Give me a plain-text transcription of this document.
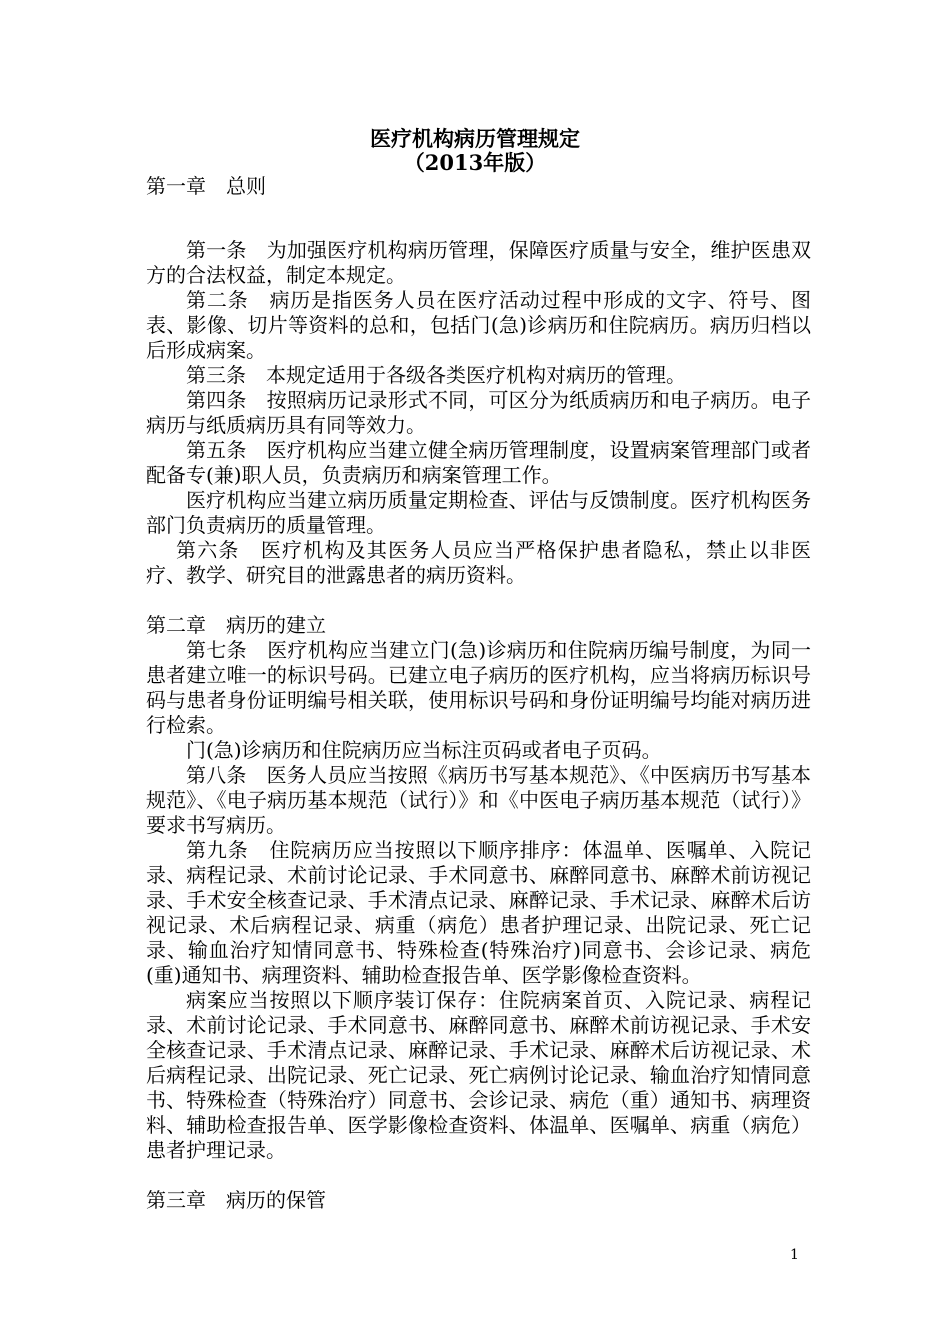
医疗机构病历管理规定
（2013年版）

第一章　总则

第一条　为加强医疗机构病历管理，保障医疗质量与安全，维护医患双方的合法权益，制定本规定。

第二条　病历是指医务人员在医疗活动过程中形成的文字、符号、图表、影像、切片等资料的总和，包括门(急)诊病历和住院病历。病历归档以后形成病案。

第三条　本规定适用于各级各类医疗机构对病历的管理。

第四条　按照病历记录形式不同，可区分为纸质病历和电子病历。电子病历与纸质病历具有同等效力。

第五条　医疗机构应当建立健全病历管理制度，设置病案管理部门或者配备专(兼)职人员，负责病历和病案管理工作。

医疗机构应当建立病历质量定期检查、评估与反馈制度。医疗机构医务部门负责病历的质量管理。

第六条　医疗机构及其医务人员应当严格保护患者隐私，禁止以非医疗、教学、研究目的泄露患者的病历资料。

第二章　病历的建立

第七条　医疗机构应当建立门(急)诊病历和住院病历编号制度，为同一患者建立唯一的标识号码。已建立电子病历的医疗机构，应当将病历标识号码与患者身份证明编号相关联，使用标识号码和身份证明编号均能对病历进行检索。

门(急)诊病历和住院病历应当标注页码或者电子页码。

第八条　医务人员应当按照《病历书写基本规范》、《中医病历书写基本规范》、《电子病历基本规范（试行）》和《中医电子病历基本规范（试行）》要求书写病历。

第九条　住院病历应当按照以下顺序排序：体温单、医嘱单、入院记录、病程记录、术前讨论记录、手术同意书、麻醉同意书、麻醉术前访视记录、手术安全核查记录、手术清点记录、麻醉记录、手术记录、麻醉术后访视记录、术后病程记录、病重（病危）患者护理记录、出院记录、死亡记录、输血治疗知情同意书、特殊检查(特殊治疗)同意书、会诊记录、病危(重)通知书、病理资料、辅助检查报告单、医学影像检查资料。

病案应当按照以下顺序装订保存：住院病案首页、入院记录、病程记录、术前讨论记录、手术同意书、麻醉同意书、麻醉术前访视记录、手术安全核查记录、手术清点记录、麻醉记录、手术记录、麻醉术后访视记录、术后病程记录、出院记录、死亡记录、死亡病例讨论记录、输血治疗知情同意书、特殊检查（特殊治疗）同意书、会诊记录、病危（重）通知书、病理资料、辅助检查报告单、医学影像检查资料、体温单、医嘱单、病重（病危）患者护理记录。

第三章　病历的保管

1
